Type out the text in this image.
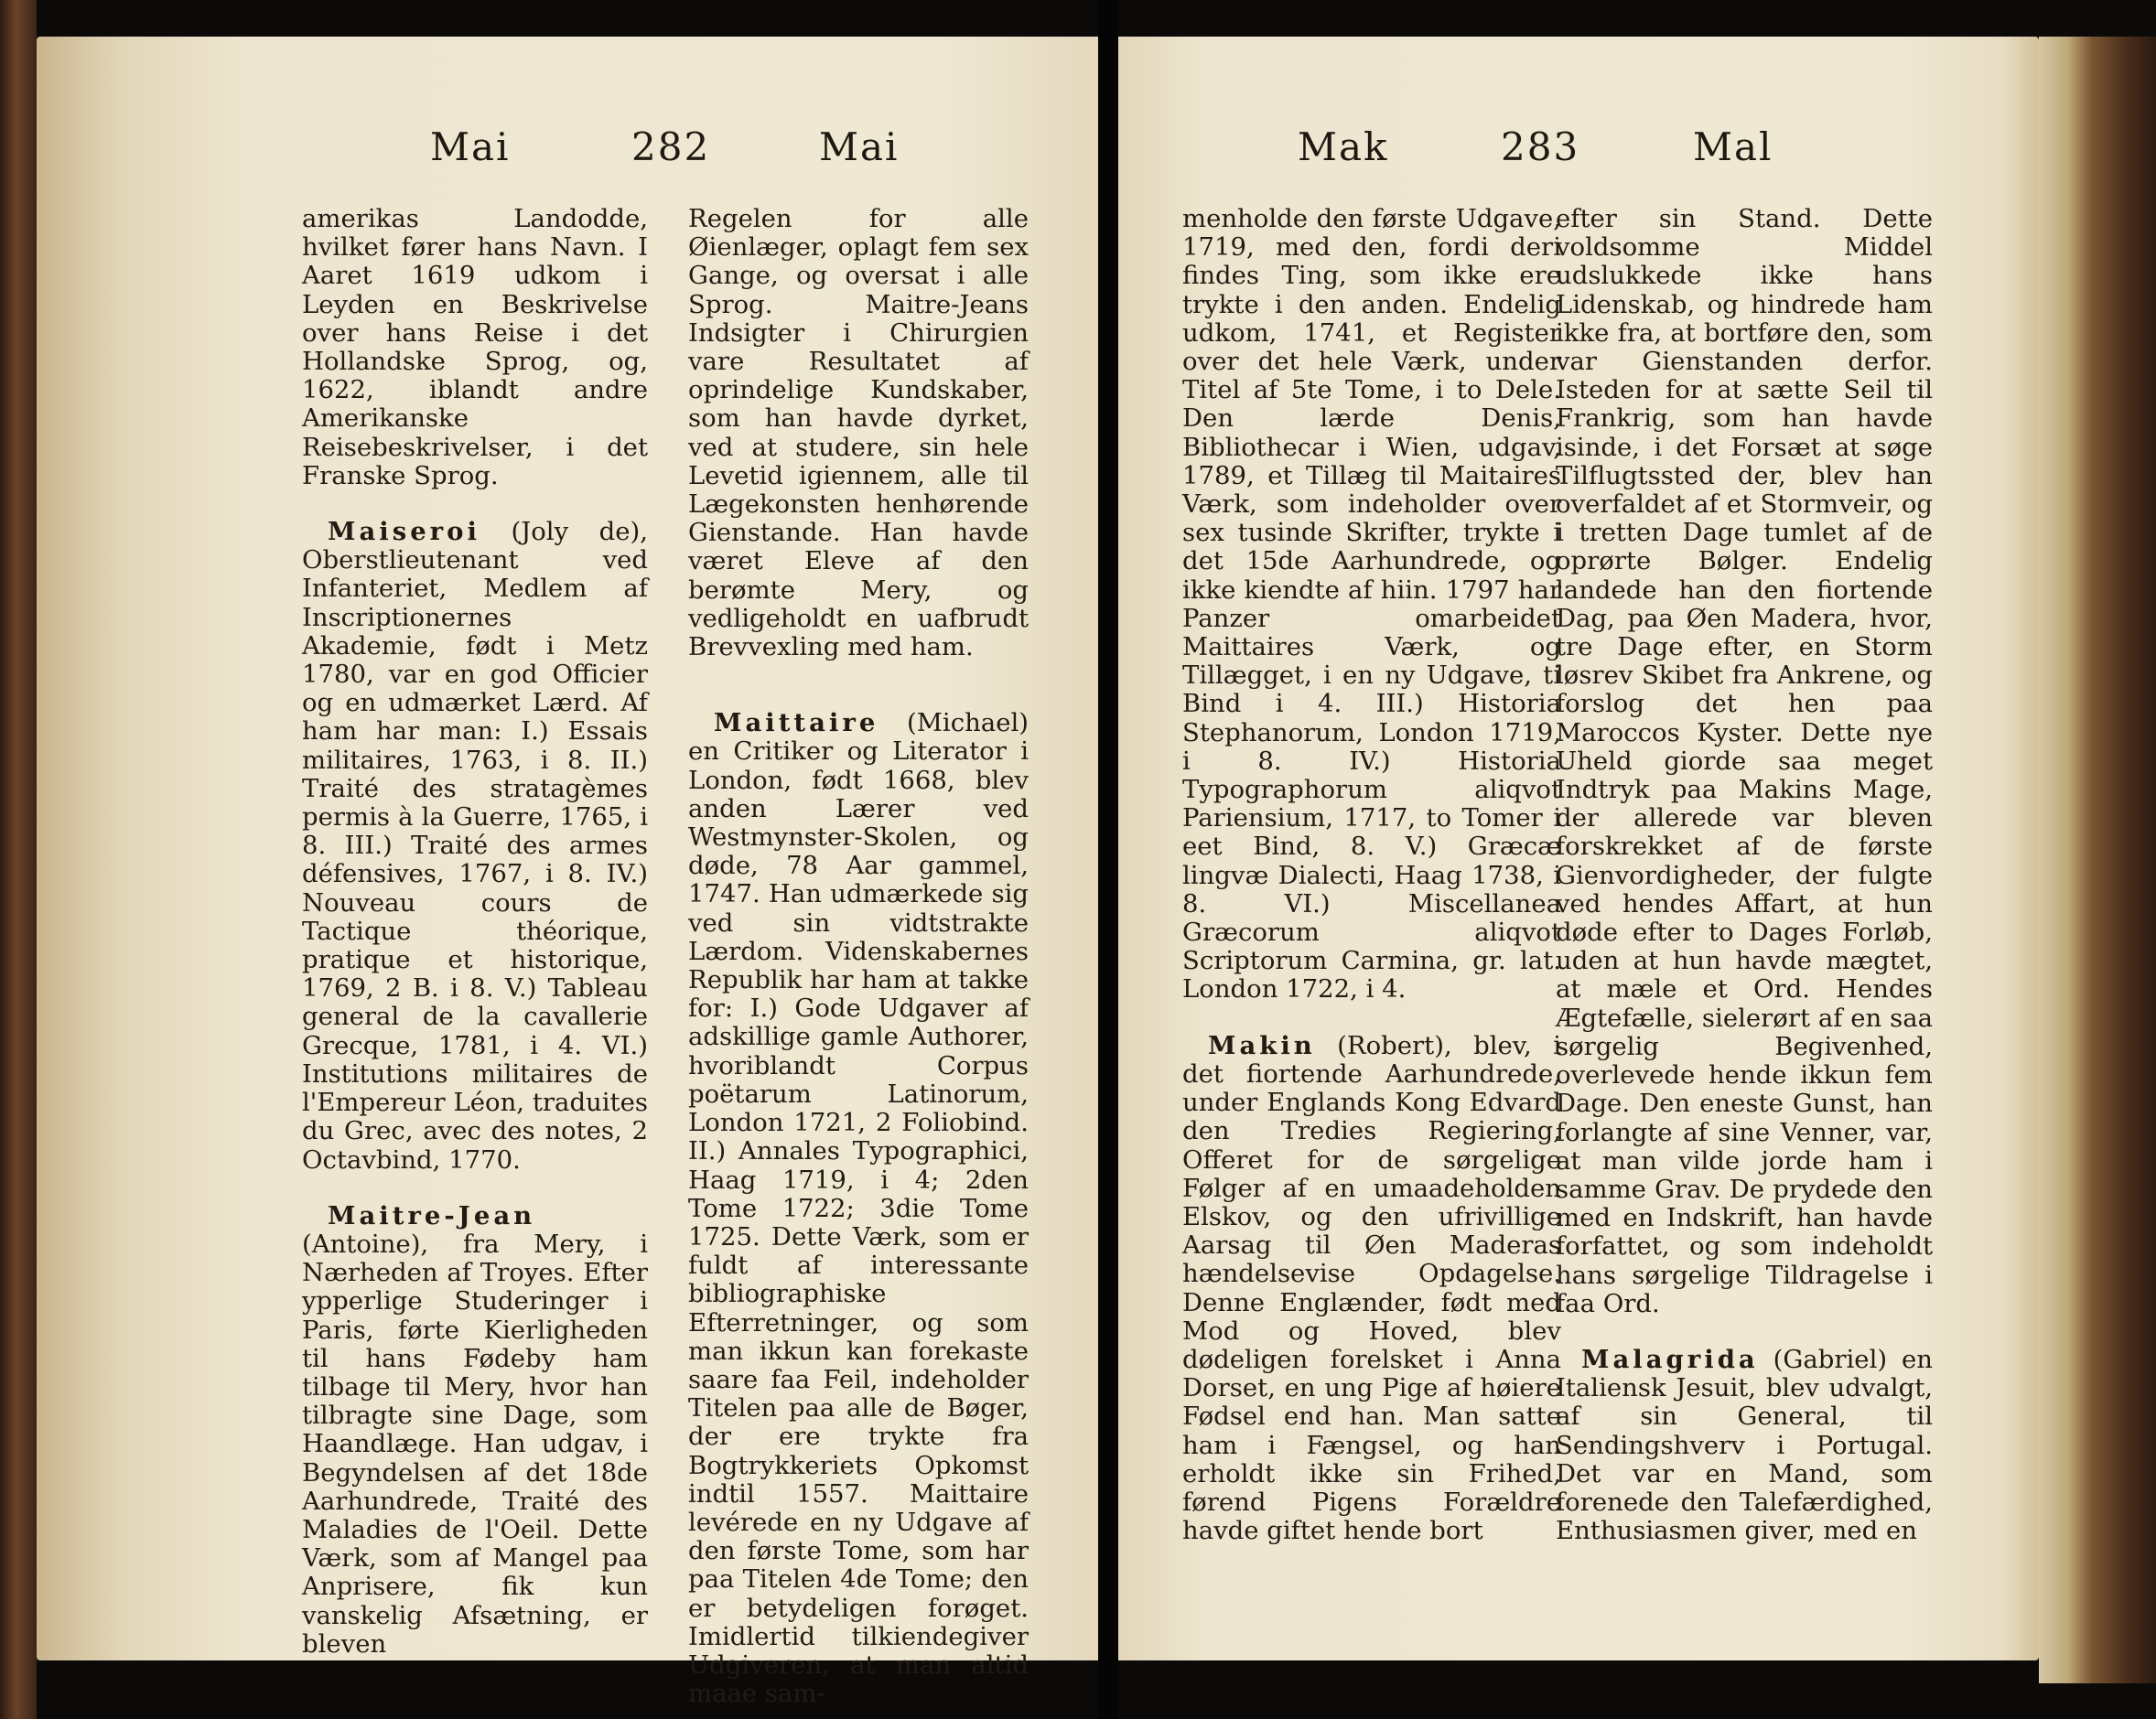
Mai	282	Mai

amerikas Landodde, hvilket fører hans Navn. I Aaret 1619 udkom i Leyden en Beskrivelse over hans Reise i det Hollandske Sprog, og, 1622, iblandt andre Amerikanske Reisebeskrivelser, i det Franske Sprog.

Maiseroi (Joly de), Oberstlieutenant ved Infanteriet, Medlem af Inscriptionernes Akademie, født i Metz 1780, var en god Officier og en udmærket Lærd. Af ham har man: I.) Essais militaires, 1763, i 8. II.) Traité des stratagèmes permis à la Guerre, 1765, i 8. III.) Traité des armes défensives, 1767, i 8. IV.) Nouveau cours de Tactique théorique, pratique et historique, 1769, 2 B. i 8. V.) Tableau general de la cavallerie Grecque, 1781, i 4. VI.) Institutions militaires de l'Empereur Léon, traduites du Grec, avec des notes, 2 Octavbind, 1770.

Maitre-Jean (Antoine), fra Mery, i Nærheden af Troyes. Efter ypperlige Studeringer i Paris, førte Kierligheden til hans Fødeby ham tilbage til Mery, hvor han tilbragte sine Dage, som Haandlæge. Han udgav, i Begyndelsen af det 18de Aarhundrede, Traité des Maladies de l'Oeil. Dette Værk, som af Mangel paa Anprisere, fik kun vanskelig Afsætning, er bleven

Regelen for alle Øienlæger, oplagt fem sex Gange, og oversat i alle Sprog. Maitre-Jeans Indsigter i Chirurgien vare Resultatet af oprindelige Kundskaber, som han havde dyrket, ved at studere, sin hele Levetid igiennem, alle til Lægekonsten henhørende Gienstande. Han havde været Eleve af den berømte Mery, og vedligeholdt en uafbrudt Brevvexling med ham.

Maittaire (Michael) en Critiker og Literator i London, født 1668, blev anden Lærer ved Westmynster-Skolen, og døde, 78 Aar gammel, 1747. Han udmærkede sig ved sin vidtstrakte Lærdom. Videnskabernes Republik har ham at takke for: I.) Gode Udgaver af adskillige gamle Authorer, hvoriblandt Corpus poëtarum Latinorum, London 1721, 2 Foliobind. II.) Annales Typographici, Haag 1719, i 4; 2den Tome 1722; 3die Tome 1725. Dette Værk, som er fuldt af interessante bibliographiske Efterretninger, og som man ikkun kan forekaste saare faa Feil, indeholder Titelen paa alle de Bøger, der ere trykte fra Bogtrykkeriets Opkomst indtil 1557. Maittaire levérede en ny Udgave af den første Tome, som har paa Titelen 4de Tome; den er betydeligen forøget. Imidlertid tilkiendegiver Udgiveren, at man altid maae sam-

Mak	283	Mal

menholde den første Udgave, 1719, med den, fordi deri findes Ting, som ikke ere trykte i den anden. Endelig udkom, 1741, et Register over det hele Værk, under Titel af 5te Tome, i to Dele. Den lærde Denis, Bibliothecar i Wien, udgav, 1789, et Tillæg til Maitaires Værk, som indeholder over sex tusinde Skrifter, trykte i det 15de Aarhundrede, og ikke kiendte af hiin. 1797 har Panzer omarbeidet Maittaires Værk, og Tillægget, i en ny Udgave, ti Bind i 4. III.) Historia Stephanorum, London 1719, i 8. IV.) Historia Typographorum aliqvot Pariensium, 1717, to Tomer i eet Bind, 8. V.) Græcæ lingvæ Dialecti, Haag 1738, i 8. VI.) Miscellanea Græcorum aliqvot Scriptorum Carmina, gr. lat. London 1722, i 4.

Makin (Robert), blev, i det fiortende Aarhundrede, under Englands Kong Edvard den Tredies Regiering, Offeret for de sørgelige Følger af en umaadeholden Elskov, og den ufrivillige Aarsag til Øen Maderas hændelsevise Opdagelse. Denne Englænder, født med Mod og Hoved, blev dødeligen forelsket i Anna Dorset, en ung Pige af høiere Fødsel end han. Man satte ham i Fængsel, og han erholdt ikke sin Frihed, førend Pigens Forældre havde giftet hende bort

efter sin Stand. Dette voldsomme Middel udslukkede ikke hans Lidenskab, og hindrede ham ikke fra, at bortføre den, som var Gienstanden derfor. Isteden for at sætte Seil til Frankrig, som han havde isinde, i det Forsæt at søge Tilflugtssted der, blev han overfaldet af et Stormveir, og i tretten Dage tumlet af de oprørte Bølger. Endelig landede han den fiortende Dag, paa Øen Madera, hvor, tre Dage efter, en Storm løsrev Skibet fra Ankrene, og forslog det hen paa Maroccos Kyster. Dette nye Uheld giorde saa meget Indtryk paa Makins Mage, der allerede var bleven forskrekket af de første Gienvordigheder, der fulgte ved hendes Affart, at hun døde efter to Dages Forløb, uden at hun havde mægtet, at mæle et Ord. Hendes Ægtefælle, sielerørt af en saa sørgelig Begivenhed, overlevede hende ikkun fem Dage. Den eneste Gunst, han forlangte af sine Venner, var, at man vilde jorde ham i samme Grav. De prydede den med en Indskrift, han havde forfattet, og som indeholdt hans sørgelige Tildragelse i faa Ord.

Malagrida (Gabriel) en Italiensk Jesuit, blev udvalgt, af sin General, til Sendingshverv i Portugal. Det var en Mand, som forenede den Talefærdighed, Enthusiasmen giver, med en
